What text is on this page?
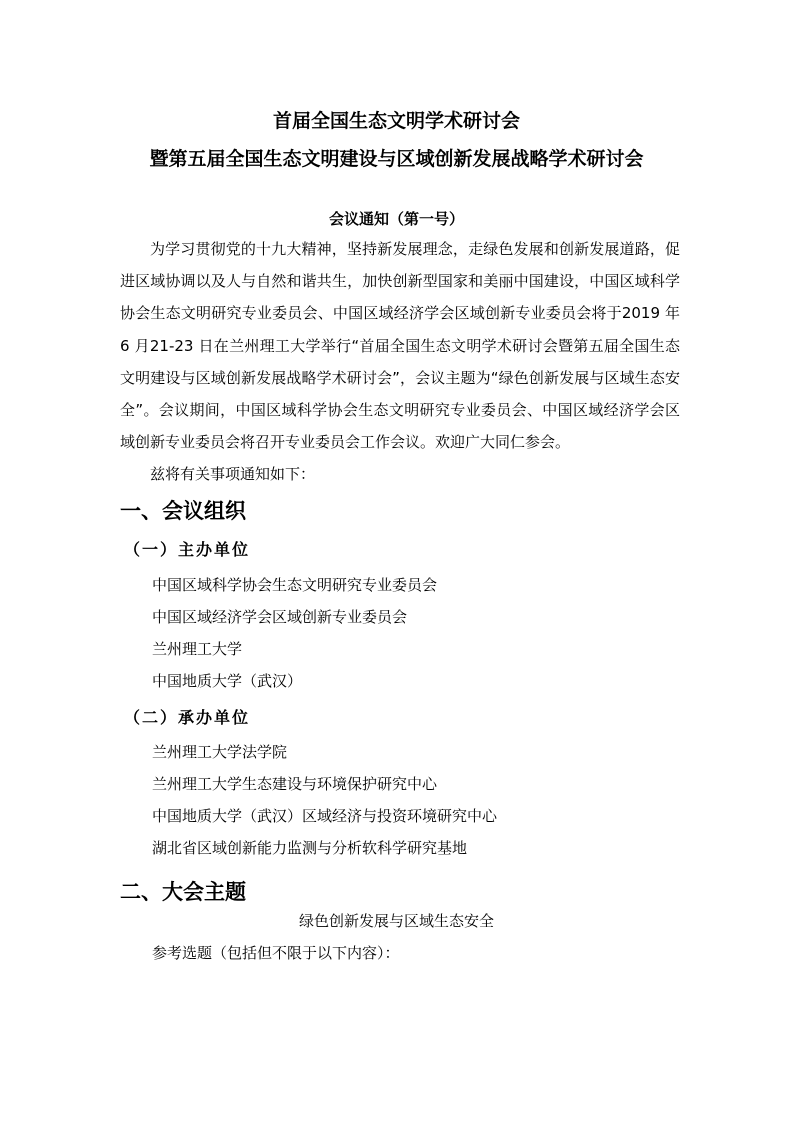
首届全国生态文明学术研讨会
暨第五届全国生态文明建设与区域创新发展战略学术研讨会
会议通知（第一号）

为学习贯彻党的十九大精神，坚持新发展理念，走绿色发展和创新发展道路，促进区域协调以及人与自然和谐共生，加快创新型国家和美丽中国建设，中国区域科学协会生态文明研究专业委员会、中国区域经济学会区域创新专业委员会将于2019 年6 月21-23 日在兰州理工大学举行“首届全国生态文明学术研讨会暨第五届全国生态文明建设与区域创新发展战略学术研讨会”，会议主题为“绿色创新发展与区域生态安全”。会议期间，中国区域科学协会生态文明研究专业委员会、中国区域经济学会区域创新专业委员会将召开专业委员会工作会议。欢迎广大同仁参会。

兹将有关事项通知如下：

一、会议组织
（一）主办单位
中国区域科学协会生态文明研究专业委员会
中国区域经济学会区域创新专业委员会
兰州理工大学
中国地质大学（武汉）
（二）承办单位
兰州理工大学法学院
兰州理工大学生态建设与环境保护研究中心
中国地质大学（武汉）区域经济与投资环境研究中心
湖北省区域创新能力监测与分析软科学研究基地
二、大会主题
绿色创新发展与区域生态安全
参考选题（包括但不限于以下内容）：
